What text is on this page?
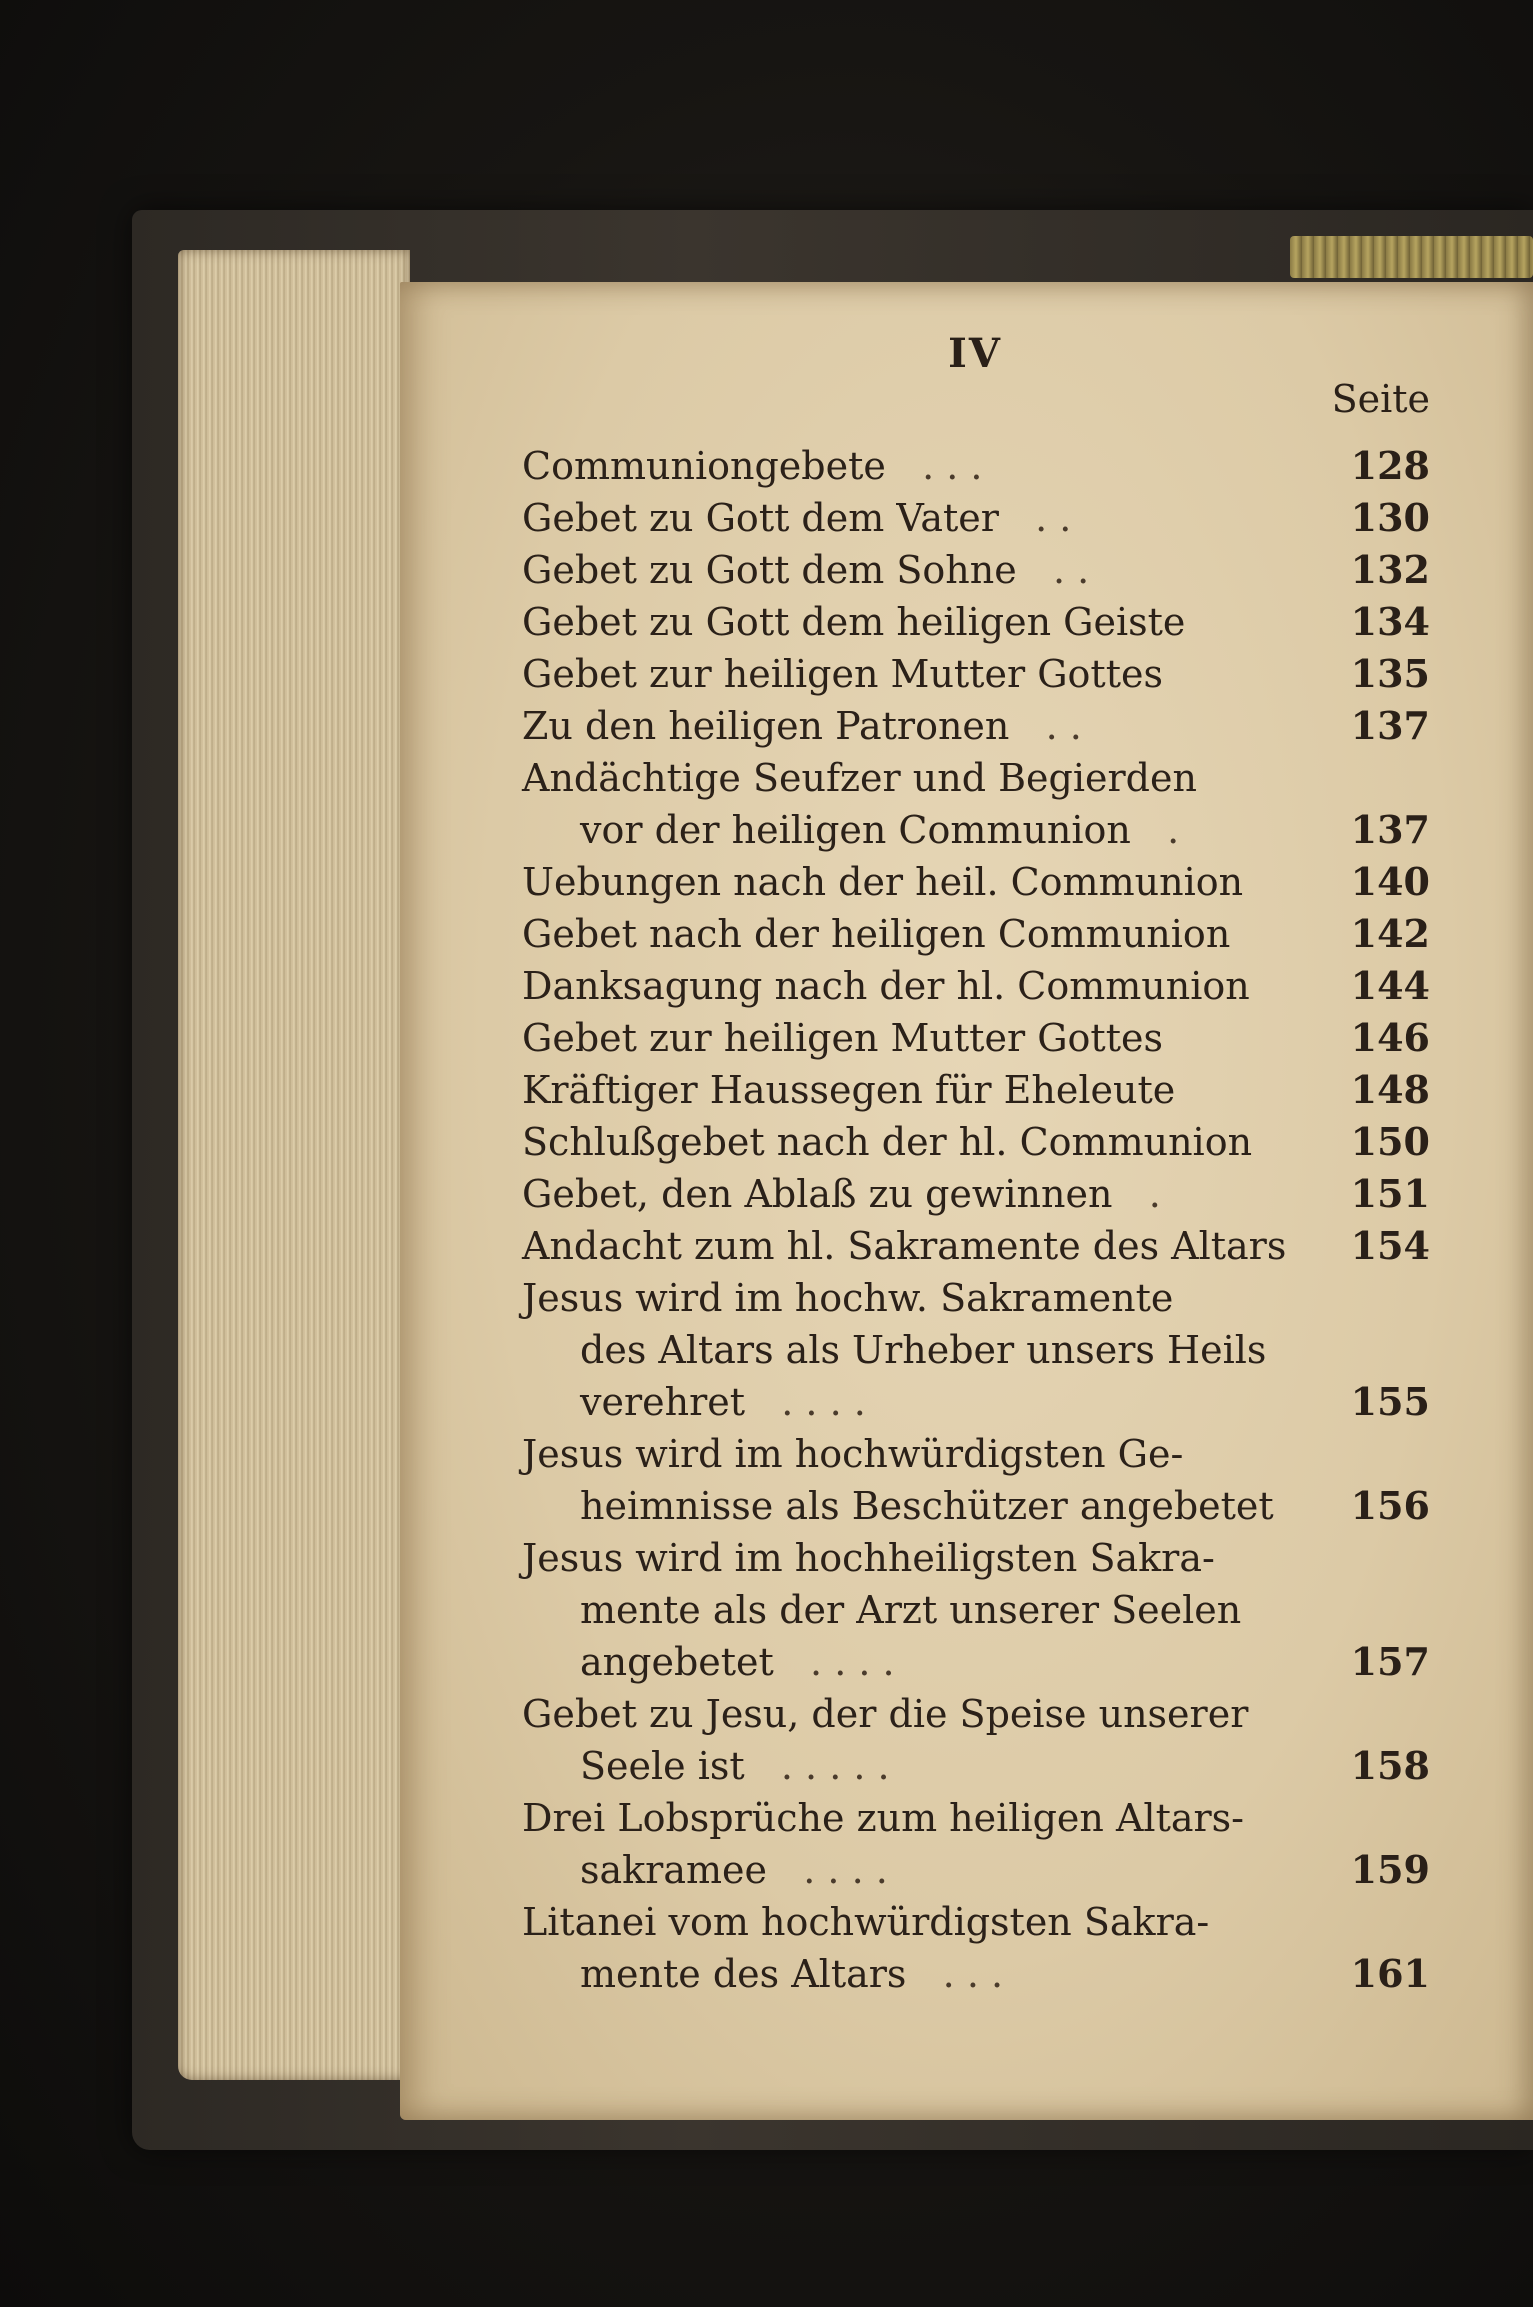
IV
Seite
Communiongebete   . . .	128
Gebet zu Gott dem Vater   . .	130
Gebet zu Gott dem Sohne   . .	132
Gebet zu Gott dem heiligen Geiste	134
Gebet zur heiligen Mutter Gottes	135
Zu den heiligen Patronen   . .	137
Andächtige Seufzer und Begierden
vor der heiligen Communion   .	137
Uebungen nach der heil. Communion	140
Gebet nach der heiligen Communion	142
Danksagung nach der hl. Communion	144
Gebet zur heiligen Mutter Gottes	146
Kräftiger Haussegen für Eheleute	148
Schlußgebet nach der hl. Communion	150
Gebet, den Ablaß zu gewinnen   .	151
Andacht zum hl. Sakramente des Altars	154
Jesus wird im hochw. Sakramente
des Altars als Urheber unsers Heils
verehret   . . . .	155
Jesus wird im hochwürdigsten Ge-
heimnisse als Beschützer angebetet	156
Jesus wird im hochheiligsten Sakra-
mente als der Arzt unserer Seelen
angebetet   . . . .	157
Gebet zu Jesu, der die Speise unserer
Seele ist   . . . . .	158
Drei Lobsprüche zum heiligen Altars-
sakramee   . . . .	159
Litanei vom hochwürdigsten Sakra-
mente des Altars   . . .	161
